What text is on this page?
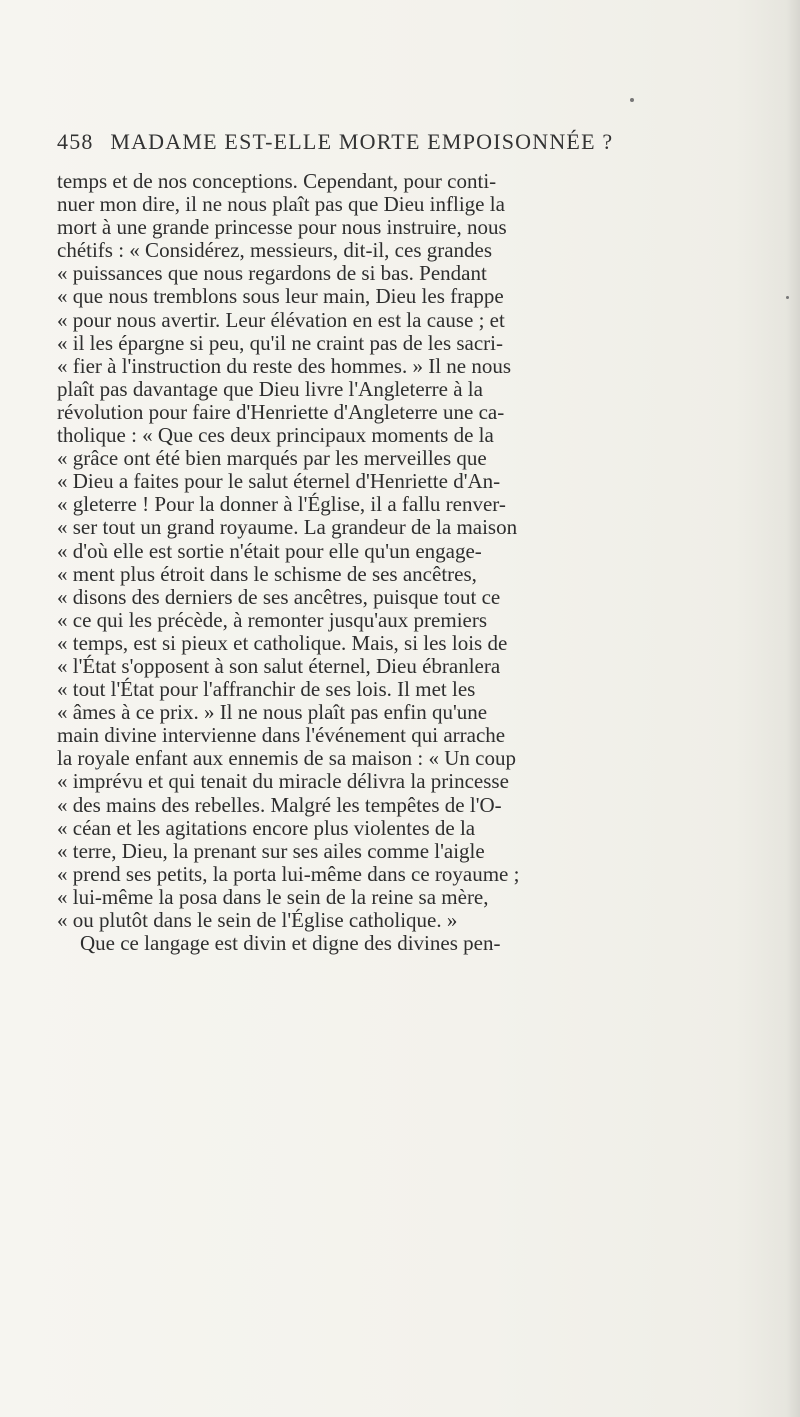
458 MADAME EST-ELLE MORTE EMPOISONNÉE ?
temps et de nos conceptions. Cependant, pour conti-
nuer mon dire, il ne nous plaît pas que Dieu inflige la
mort à une grande princesse pour nous instruire, nous
chétifs : « Considérez, messieurs, dit-il, ces grandes
« puissances que nous regardons de si bas. Pendant
« que nous tremblons sous leur main, Dieu les frappe
« pour nous avertir. Leur élévation en est la cause ; et
« il les épargne si peu, qu'il ne craint pas de les sacri-
« fier à l'instruction du reste des hommes. » Il ne nous
plaît pas davantage que Dieu livre l'Angleterre à la
révolution pour faire d'Henriette d'Angleterre une ca-
tholique : « Que ces deux principaux moments de la
« grâce ont été bien marqués par les merveilles que
« Dieu a faites pour le salut éternel d'Henriette d'An-
« gleterre ! Pour la donner à l'Église, il a fallu renver-
« ser tout un grand royaume. La grandeur de la maison
« d'où elle est sortie n'était pour elle qu'un engage-
« ment plus étroit dans le schisme de ses ancêtres,
« disons des derniers de ses ancêtres, puisque tout ce
« ce qui les précède, à remonter jusqu'aux premiers
« temps, est si pieux et catholique. Mais, si les lois de
« l'État s'opposent à son salut éternel, Dieu ébranlera
« tout l'État pour l'affranchir de ses lois. Il met les
« âmes à ce prix. » Il ne nous plaît pas enfin qu'une
main divine intervienne dans l'événement qui arrache
la royale enfant aux ennemis de sa maison : « Un coup
« imprévu et qui tenait du miracle délivra la princesse
« des mains des rebelles. Malgré les tempêtes de l'O-
« céan et les agitations encore plus violentes de la
« terre, Dieu, la prenant sur ses ailes comme l'aigle
« prend ses petits, la porta lui-même dans ce royaume ;
« lui-même la posa dans le sein de la reine sa mère,
« ou plutôt dans le sein de l'Église catholique. »
Que ce langage est divin et digne des divines pen-
